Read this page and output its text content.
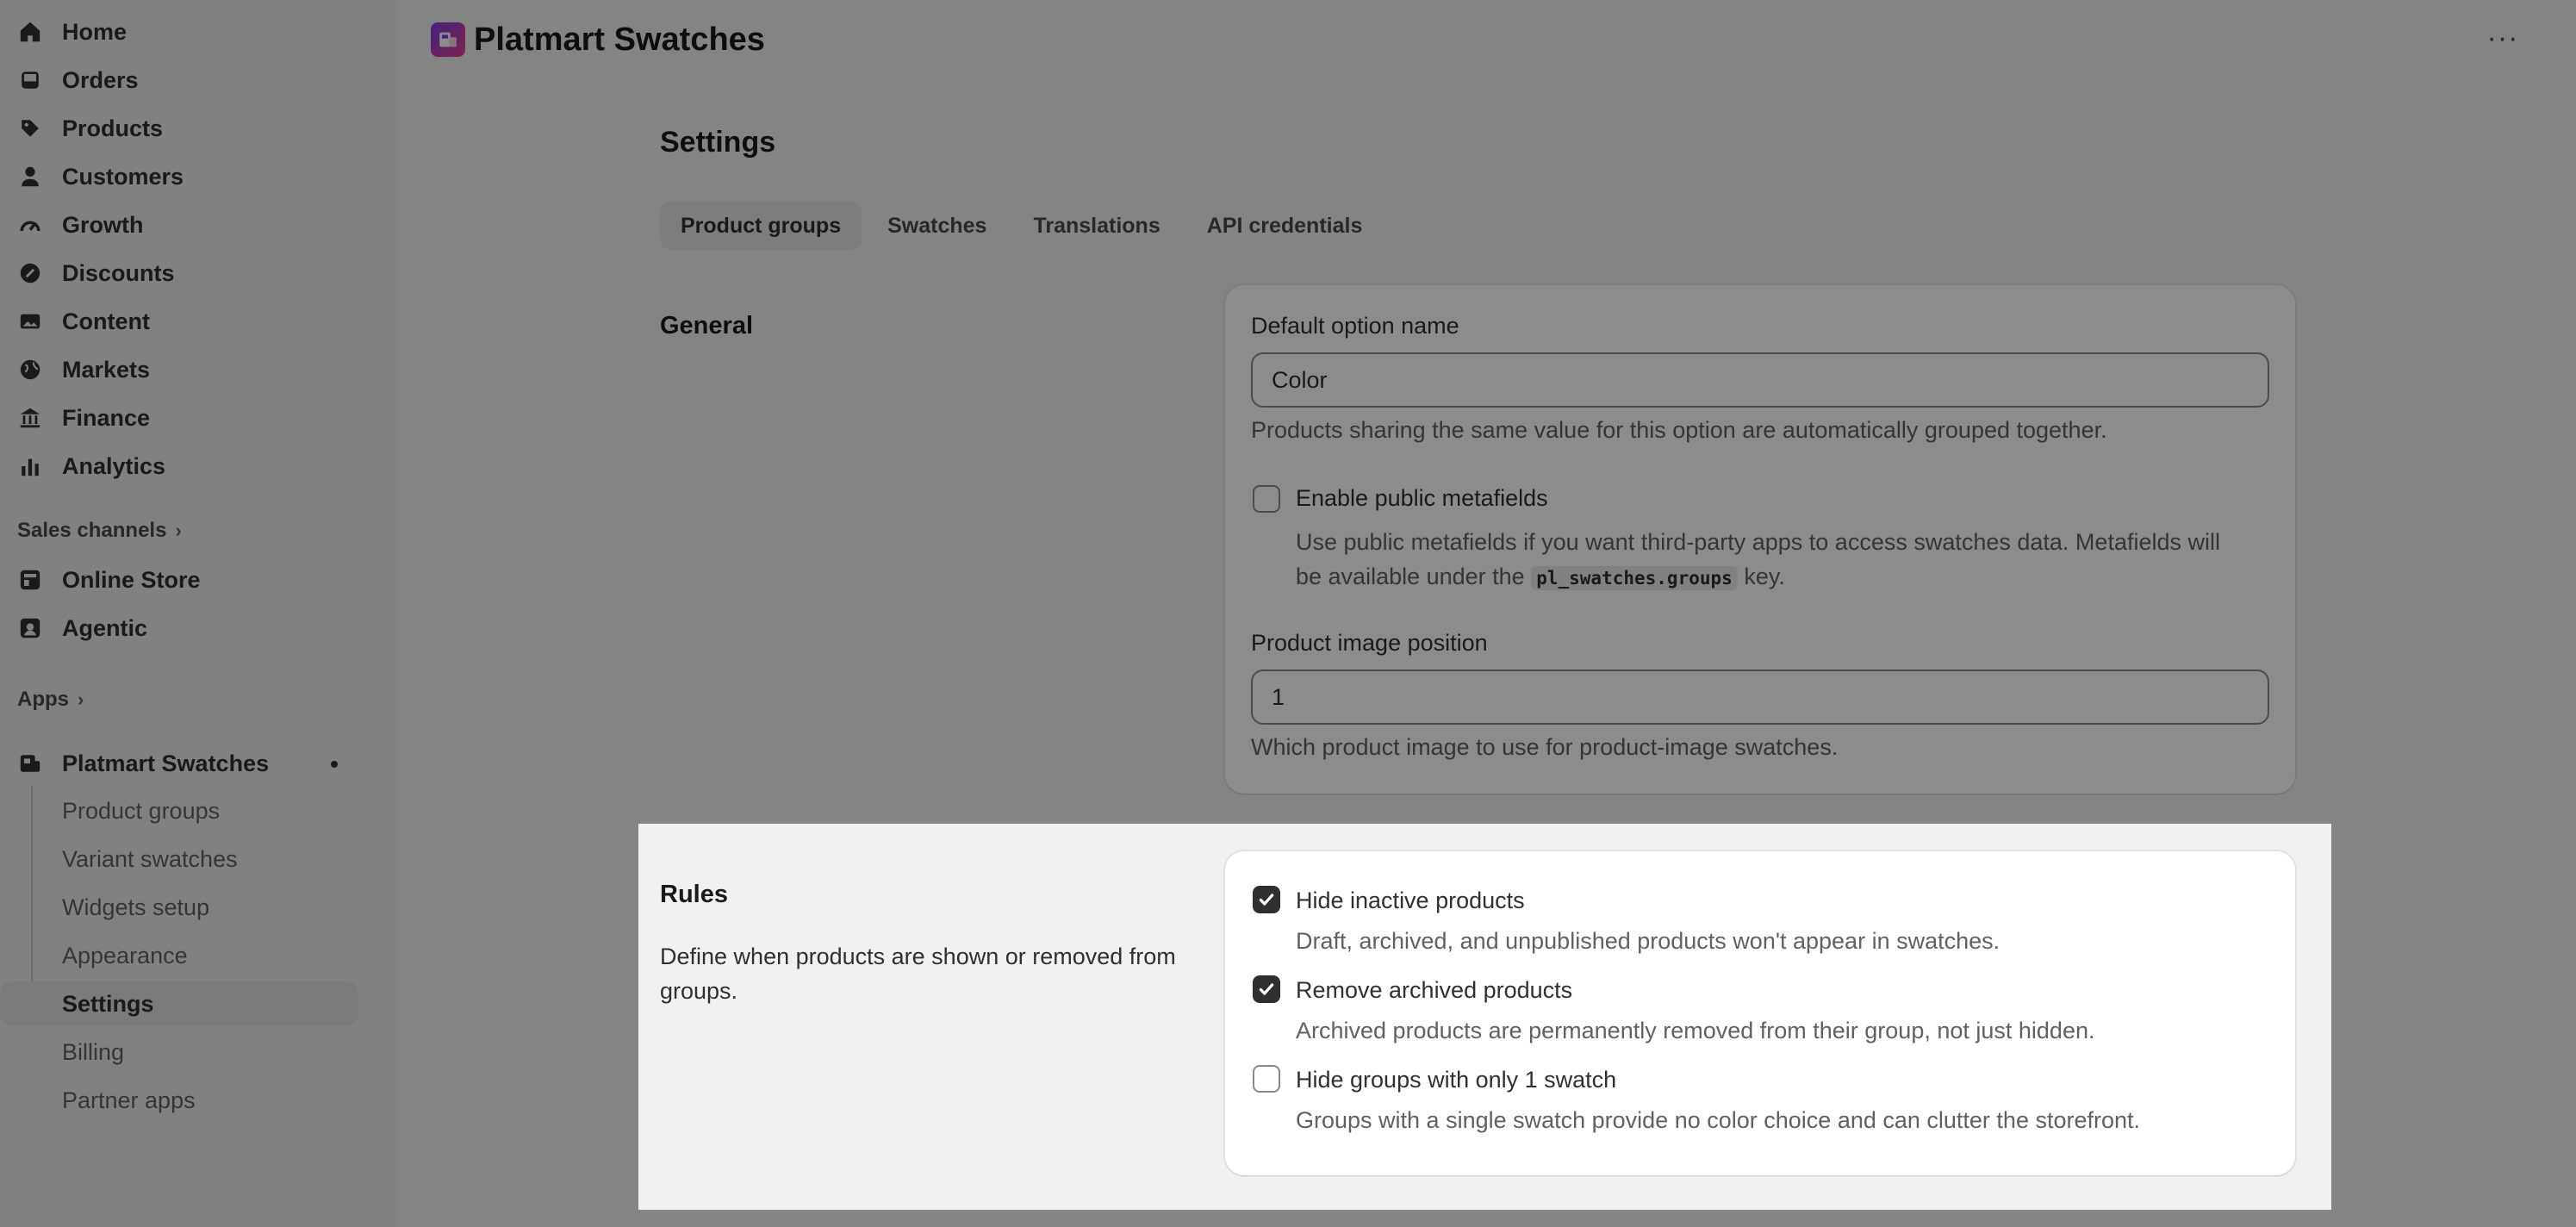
Home
Orders
Products
Customers
Growth
Discounts
Content
Markets
Finance
Analytics
Sales channels ›
Online Store
Agentic
Apps ›
Platmart Swatches
Product groups
Variant swatches
Widgets setup
Appearance
Settings
Billing
Partner apps
Platmart Swatches	···
Settings
Product groups	Swatches	Translations	API credentials
General	Default option name
Color
Products sharing the same value for this option are automatically grouped together.
Enable public metafields
Use public metafields if you want third-party apps to access swatches data. Metafields will
be available under the pl_swatches.groups key.
Product image position
1
Which product image to use for product-image swatches.
Rules

Define when products are shown or removed from groups.

Hide inactive products
Draft, archived, and unpublished products won't appear in swatches.
Remove archived products
Archived products are permanently removed from their group, not just hidden.
Hide groups with only 1 swatch
Groups with a single swatch provide no color choice and can clutter the storefront.
